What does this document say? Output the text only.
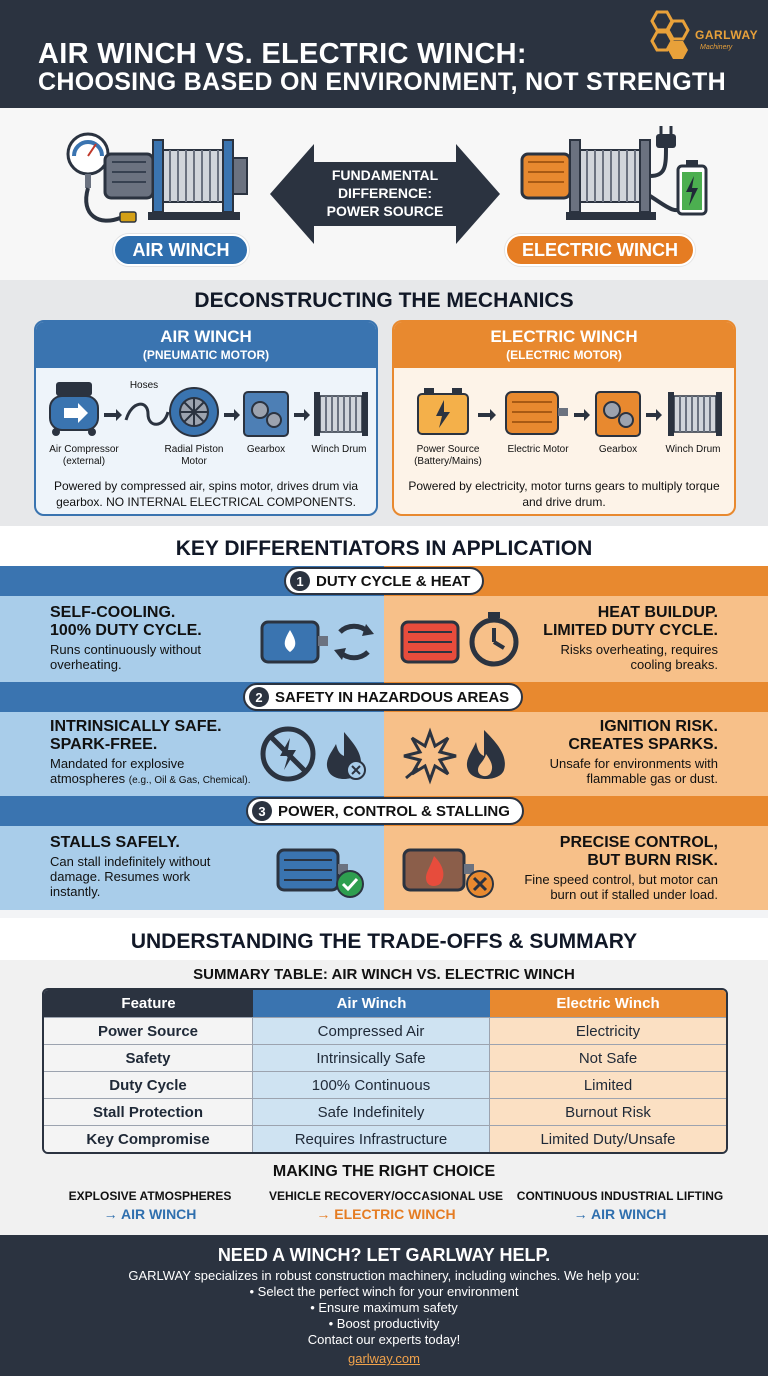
AIR WINCH VS. ELECTRIC WINCH:
CHOOSING BASED ON ENVIRONMENT, NOT STRENGTH
GARLWAY
Machinery
AIR WINCH
FUNDAMENTAL
DIFFERENCE:
POWER SOURCE
ELECTRIC WINCH
DECONSTRUCTING THE MECHANICS
AIR WINCH
(PNEUMATIC MOTOR)
Hoses
Air Compressor (external)
Radial Piston Motor
Gearbox	Winch Drum
Powered by compressed air, spins motor, drives drum via gearbox. NO INTERNAL ELECTRICAL COMPONENTS.
ELECTRIC WINCH
(ELECTRIC MOTOR)
Power Source (Battery/Mains)
Electric Motor	Gearbox	Winch Drum
Powered by electricity, motor turns gears to multiply torque and drive drum.
KEY DIFFERENTIATORS IN APPLICATION
1 DUTY CYCLE & HEAT
SELF-COOLING.
100% DUTY CYCLE.
Runs continuously without overheating.
HEAT BUILDUP.
LIMITED DUTY CYCLE.
Risks overheating, requires cooling breaks.
2 SAFETY IN HAZARDOUS AREAS
INTRINSICALLY SAFE.
SPARK-FREE.
Mandated for explosive atmospheres (e.g., Oil & Gas, Chemical).
IGNITION RISK.
CREATES SPARKS.
Unsafe for environments with flammable gas or dust.
3 POWER, CONTROL & STALLING
STALLS SAFELY.
Can stall indefinitely without damage. Resumes work instantly.
PRECISE CONTROL,
BUT BURN RISK.
Fine speed control, but motor can burn out if stalled under load.
UNDERSTANDING THE TRADE-OFFS & SUMMARY
SUMMARY TABLE: AIR WINCH VS. ELECTRIC WINCH
Feature	Air Winch	Electric Winch
Power Source	Compressed Air	Electricity
Safety	Intrinsically Safe	Not Safe
Duty Cycle	100% Continuous	Limited
Stall Protection	Safe Indefinitely	Burnout Risk
Key Compromise	Requires Infrastructure	Limited Duty/Unsafe
MAKING THE RIGHT CHOICE
EXPLOSIVE ATMOSPHERES
→ AIR WINCH
VEHICLE RECOVERY/OCCASIONAL USE
→ ELECTRIC WINCH
CONTINUOUS INDUSTRIAL LIFTING
→ AIR WINCH
NEED A WINCH? LET GARLWAY HELP.
GARLWAY specializes in robust construction machinery, including winches. We help you:
• Select the perfect winch for your environment
• Ensure maximum safety
• Boost productivity
Contact our experts today!
garlway.com
